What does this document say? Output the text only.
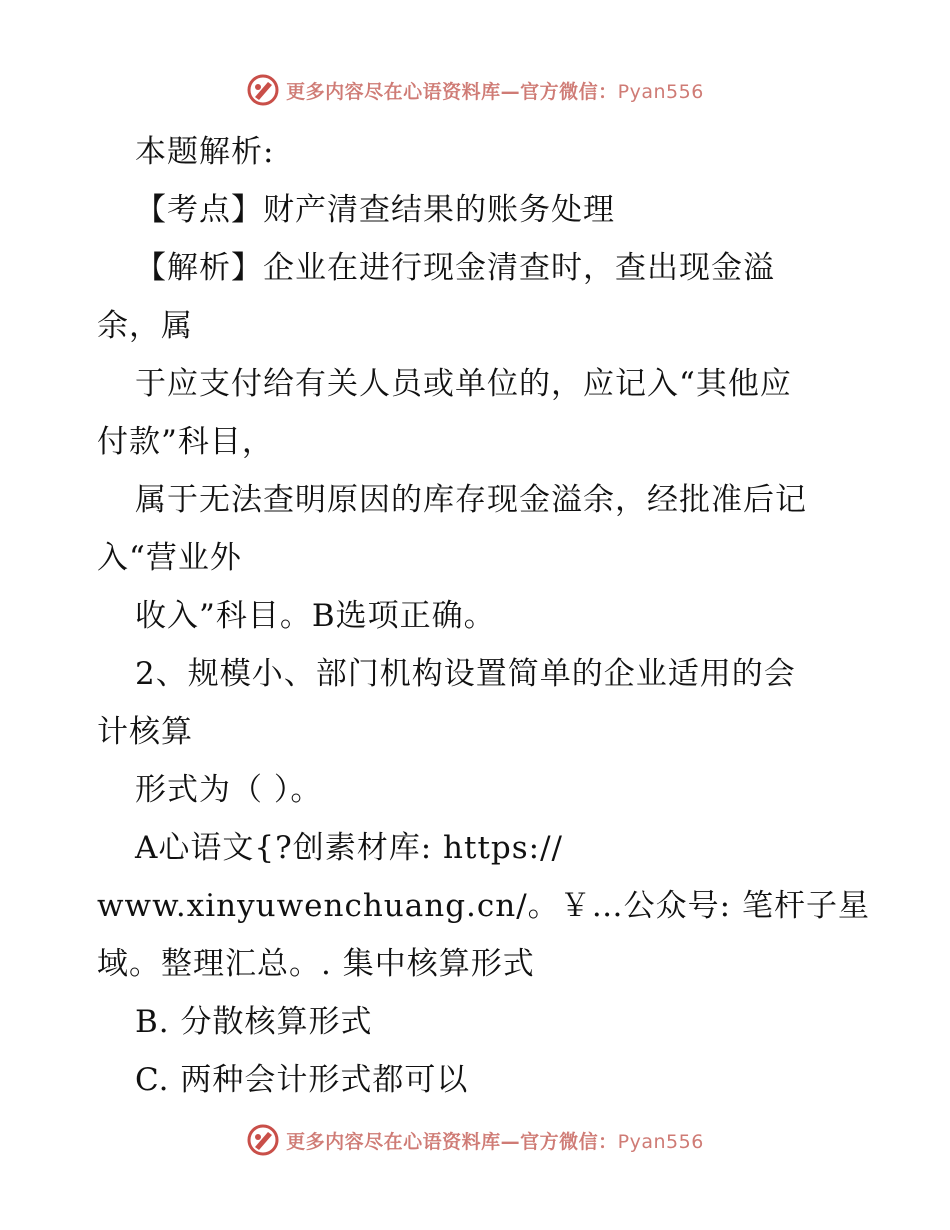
更多内容尽在心语资料库—官方微信：Pyan556

本题解析:

【考点】财产清查结果的账务处理

【解析】企业在进行现金清查时，查出现金溢

余，属

于应支付给有关人员或单位的，应记入“其他应

付款”科目，

属于无法查明原因的库存现金溢余，经批准后记

入“营业外

收入”科目。B选项正确。

2、规模小、部门机构设置简单的企业适用的会

计核算

形式为（ ）。

A心语文{?创素材库: https://

www.xinyuwenchuang.cn/。￥…公众号: 笔杆子星

域。整理汇总。. 集中核算形式

B. 分散核算形式

C. 两种会计形式都可以

更多内容尽在心语资料库—官方微信：Pyan556
